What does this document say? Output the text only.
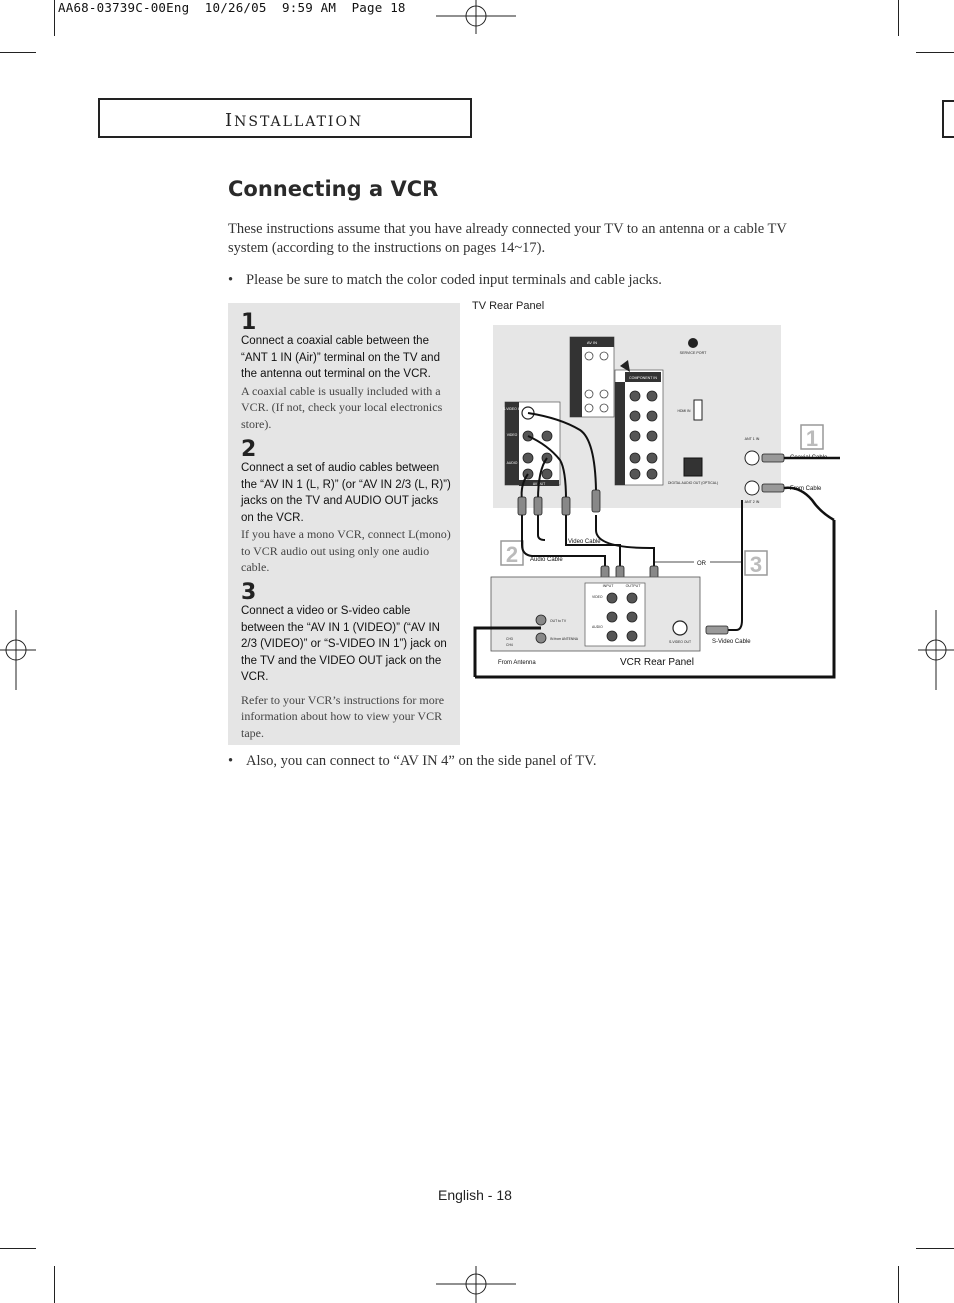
AA68-03739C-00Eng  10/26/05  9:59 AM  Page 18
INSTALLATION
Connecting a VCR
These instructions assume that you have already connected your TV to an antenna or a cable TV system (according to the instructions on pages 14~17).
• Please be sure to match the color coded input terminals and cable jacks.
1
Connect a coaxial cable between the “ANT 1 IN (Air)” terminal on the TV and the antenna out terminal on the VCR.
A coaxial cable is usually included with a VCR. (If not, check your local electronics store).
2
Connect a set of audio cables between the “AV IN 1 (L, R)” (or “AV IN 2/3 (L, R)”) jacks on the TV and AUDIO OUT jacks on the VCR.
If you have a mono VCR, connect L(mono) to VCR audio out using only one audio cable.
3
Connect a video or S-video cable between the “AV IN 1 (VIDEO)” (“AV IN 2/3 (VIDEO)” or “S-VIDEO IN 1”) jack on the TV and the VIDEO OUT jack on the VCR.
Refer to your VCR’s instructions for more information about how to view your VCR tape.
TV Rear Panel
AV IN
COMPONENT IN
SERVICE PORT
HDMI IN
DIGITAL AUDIO OUT (OPTICAL)
S-VIDEO IN
VIDEO
AUDIO
AV OUT
ANT 1 IN
ANT 2 IN
Coaxial Cable
From Cable
1
2	3
Video Cable
Audio Cable
OR
INPUT	OUTPUT
VIDEO
AUDIO
S-VIDEO OUT
OUT to TV
IN from ANTENNA
CH3
CH4	S-Video Cable
From Antenna	VCR Rear Panel
• Also, you can connect to “AV IN 4” on the side panel of TV.
English - 18
